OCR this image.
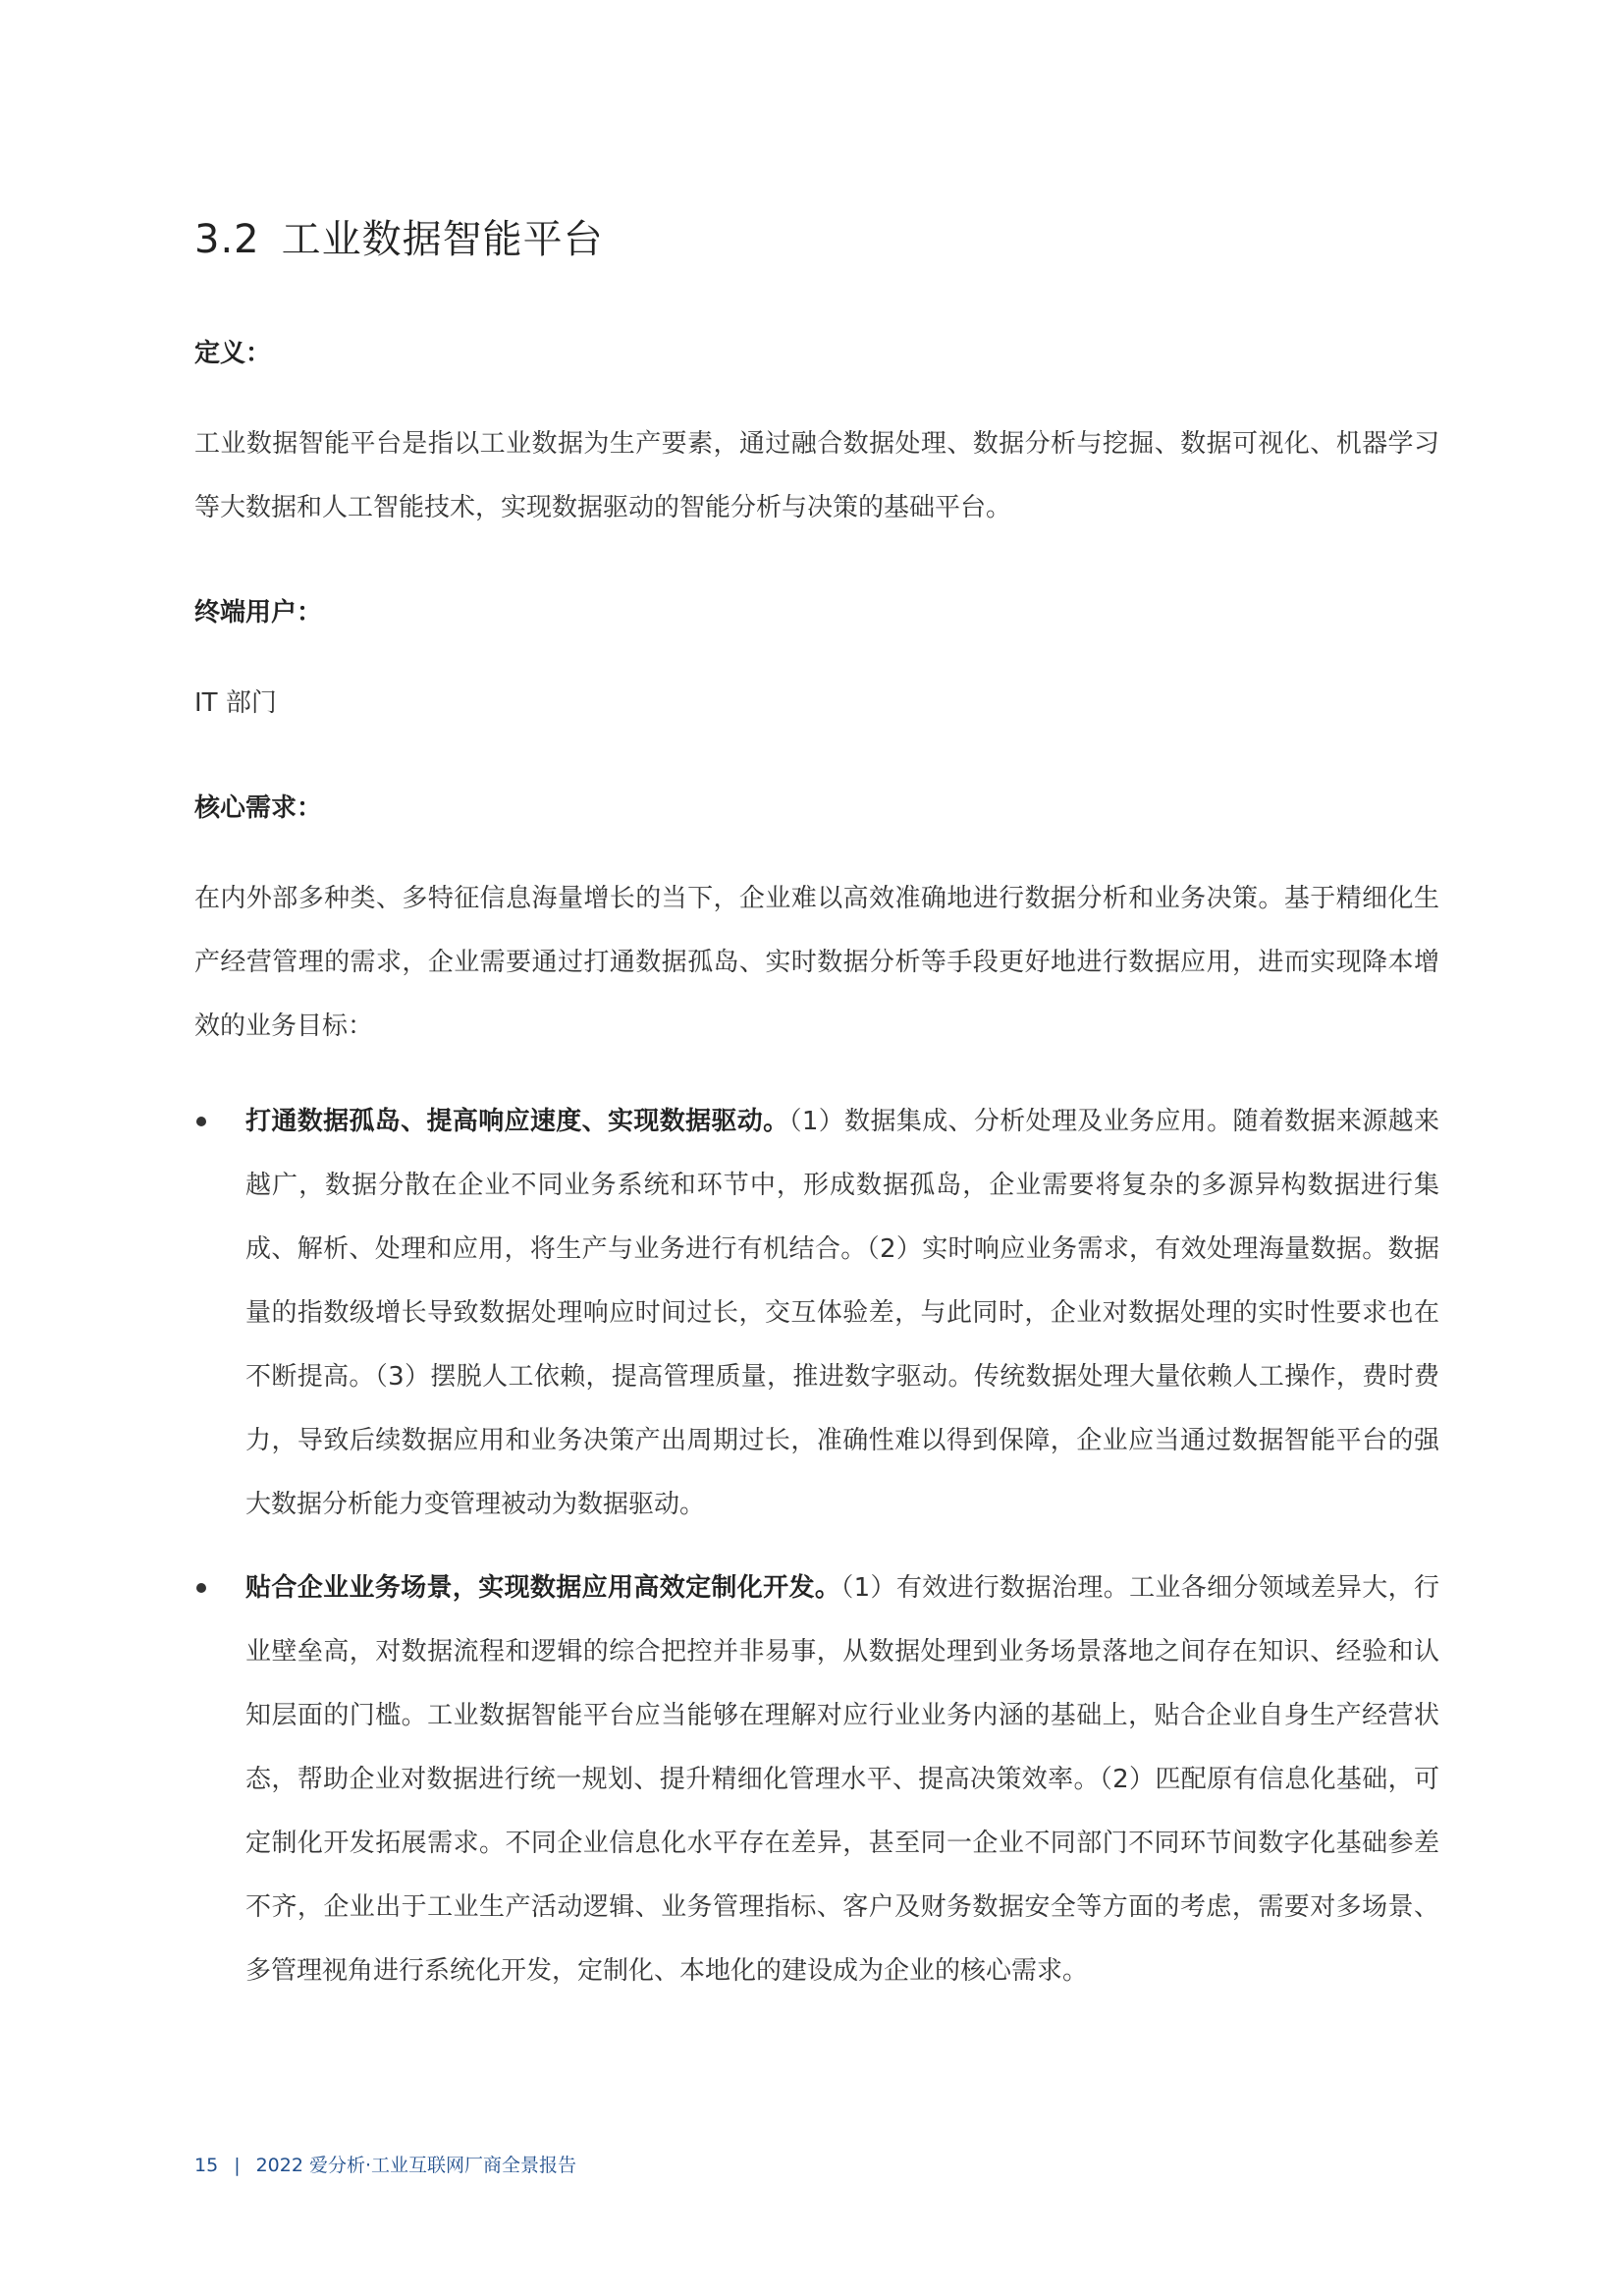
3.2 工业数据智能平台

定义：

工业数据智能平台是指以工业数据为生产要素，通过融合数据处理、数据分析与挖掘、数据可视化、机器学习等大数据和人工智能技术，实现数据驱动的智能分析与决策的基础平台。

终端用户：

IT 部门

核心需求：

在内外部多种类、多特征信息海量增长的当下，企业难以高效准确地进行数据分析和业务决策。基于精细化生产经营管理的需求，企业需要通过打通数据孤岛、实时数据分析等手段更好地进行数据应用，进而实现降本增效的业务目标：

打通数据孤岛、提高响应速度、实现数据驱动。（1）数据集成、分析处理及业务应用。随着数据来源越来越广，数据分散在企业不同业务系统和环节中，形成数据孤岛，企业需要将复杂的多源异构数据进行集成、解析、处理和应用，将生产与业务进行有机结合。（2）实时响应业务需求，有效处理海量数据。数据量的指数级增长导致数据处理响应时间过长，交互体验差，与此同时，企业对数据处理的实时性要求也在不断提高。（3）摆脱人工依赖，提高管理质量，推进数字驱动。传统数据处理大量依赖人工操作，费时费力，导致后续数据应用和业务决策产出周期过长，准确性难以得到保障，企业应当通过数据智能平台的强大数据分析能力变管理被动为数据驱动。
贴合企业业务场景，实现数据应用高效定制化开发。（1）有效进行数据治理。工业各细分领域差异大，行业壁垒高，对数据流程和逻辑的综合把控并非易事，从数据处理到业务场景落地之间存在知识、经验和认知层面的门槛。工业数据智能平台应当能够在理解对应行业业务内涵的基础上，贴合企业自身生产经营状态，帮助企业对数据进行统一规划、提升精细化管理水平、提高决策效率。（2）匹配原有信息化基础，可定制化开发拓展需求。不同企业信息化水平存在差异，甚至同一企业不同部门不同环节间数字化基础参差不齐，企业出于工业生产活动逻辑、业务管理指标、客户及财务数据安全等方面的考虑，需要对多场景、多管理视角进行系统化开发，定制化、本地化的建设成为企业的核心需求。
15 | 2022 爱分析·工业互联网厂商全景报告
